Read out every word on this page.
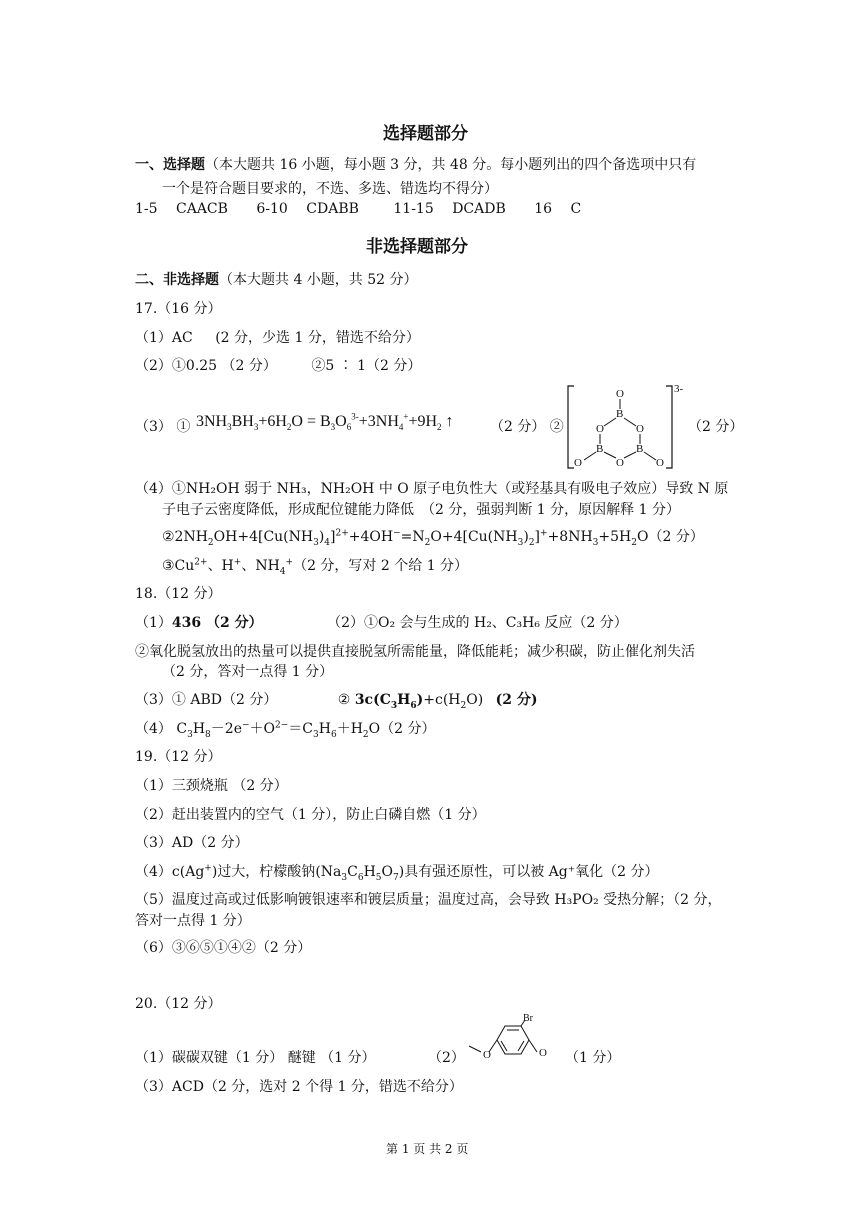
选择题部分
一、选择题（本大题共 16 小题，每小题 3 分，共 48 分。每小题列出的四个备选项中只有
一个是符合题目要求的，不选、多选、错选均不得分）
1-5 CAACB 6-10 CDABB 11-15 DCADB 16 C
非选择题部分
二、非选择题（本大题共 4 小题，共 52 分）
17.（16 分）
（1）AC (2 分，少选 1 分，错选不给分）
（2）①0.25 （2 分） ②5 ∶ 1（2 分）
（3） ① $3NH_3BH_3+6H_2O = B_3O_6^{3-}+3NH_4^++9H_2$ ↑	（2 分） ②
3-
O
B
O	O
B	B
O
O	O
（2 分）
（4）①NH₂OH 弱于 NH₃，NH₂OH 中 O 原子电负性大（或羟基具有吸电子效应）导致 N 原
子电子云密度降低，形成配位键能力降低　（2 分，强弱判断 1 分，原因解释 1 分）
$②2NH_2OH+4[Cu(NH_3)_4]^{2+}+4OH^-=N_2O+4[Cu(NH_3)_2]^++8NH_3+5H_2O(2$ 分）
$③Cu^{2+}$、H+、$NH_4^+(2$ 分，写对 2 个给 1 分）
18.（12 分）
（1）436 （2 分）	（2）①O₂ 会与生成的 H₂、C₃H₆ 反应（2 分）
②氧化脱氢放出的热量可以提供直接脱氢所需能量，降低能耗；减少积碳，防止催化剂失活
（2 分，答对一点得 1 分）
（3）① ABD（2 分）	② $3c(C_3H_6)+c(H_2O)$ (2 分)
（4） $C_3H_8-2e^-+O^{2-}=C_3H_6+H_2O(2$ 分）
19.（12 分）
（1）三颈烧瓶 （2 分）
（2）赶出装置内的空气（1 分），防止白磷自燃（1 分）
（3）AD（2 分）
（4）c(Ag+)过大，柠檬酸钠$(Na_3C_6H_5O_7)$具有强还原性，可以被 Ag⁺氧化（2 分）
（5）温度过高或过低影响镀银速率和镀层质量；温度过高，会导致 H₃PO₂ 受热分解；（2 分，
答对一点得 1 分）
（6）③⑥⑤①④②（2 分）
20.（12 分）
（1）碳碳双键（1 分） 醚键 （1 分）	（2）
Br
O
O	（1 分）
（3）ACD（2 分，选对 2 个得 1 分，错选不给分）
第 1 页 共 2 页
